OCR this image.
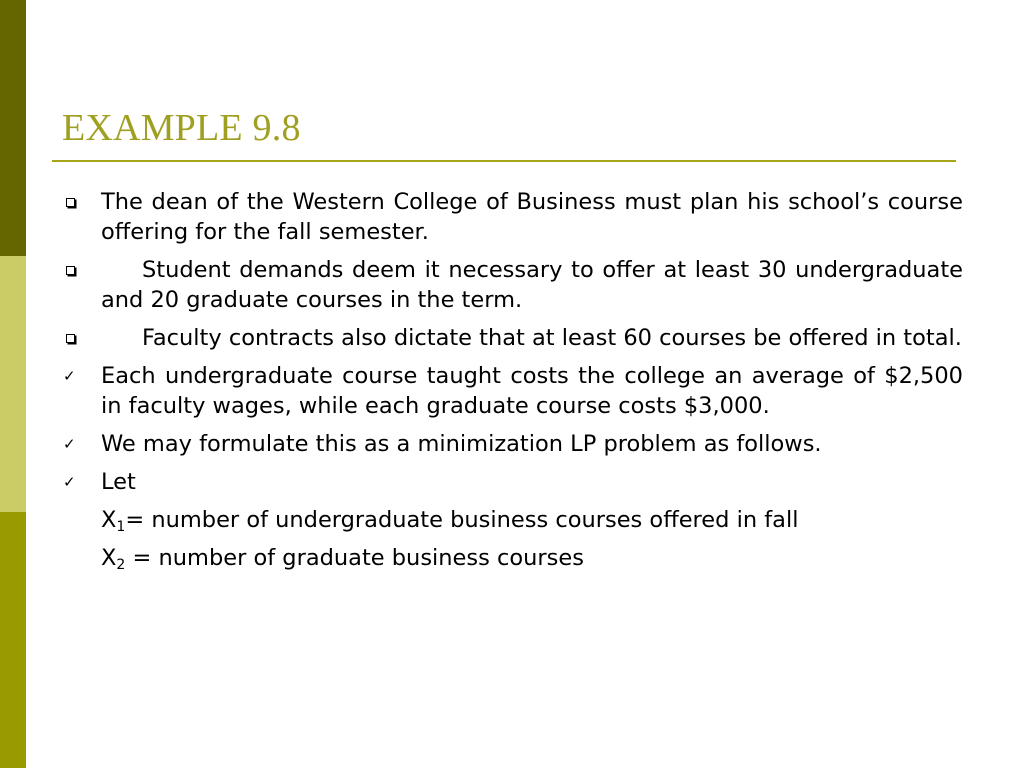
EXAMPLE 9.8
The dean of the Western College of Business must plan his school’s course offering for the fall semester.
Student demands deem it necessary to offer at least 30 undergraduate and 20 graduate courses in the term.
Faculty contracts also dictate that at least 60 courses be offered in total.
✓	Each undergraduate course taught costs the college an average of $2,500 in faculty wages, while each graduate course costs $3,000.
✓	We may formulate this as a minimization LP problem as follows.
✓	Let
$X_1=$ number of undergraduate business courses offered in fall
$X_2$ = number of graduate business courses
